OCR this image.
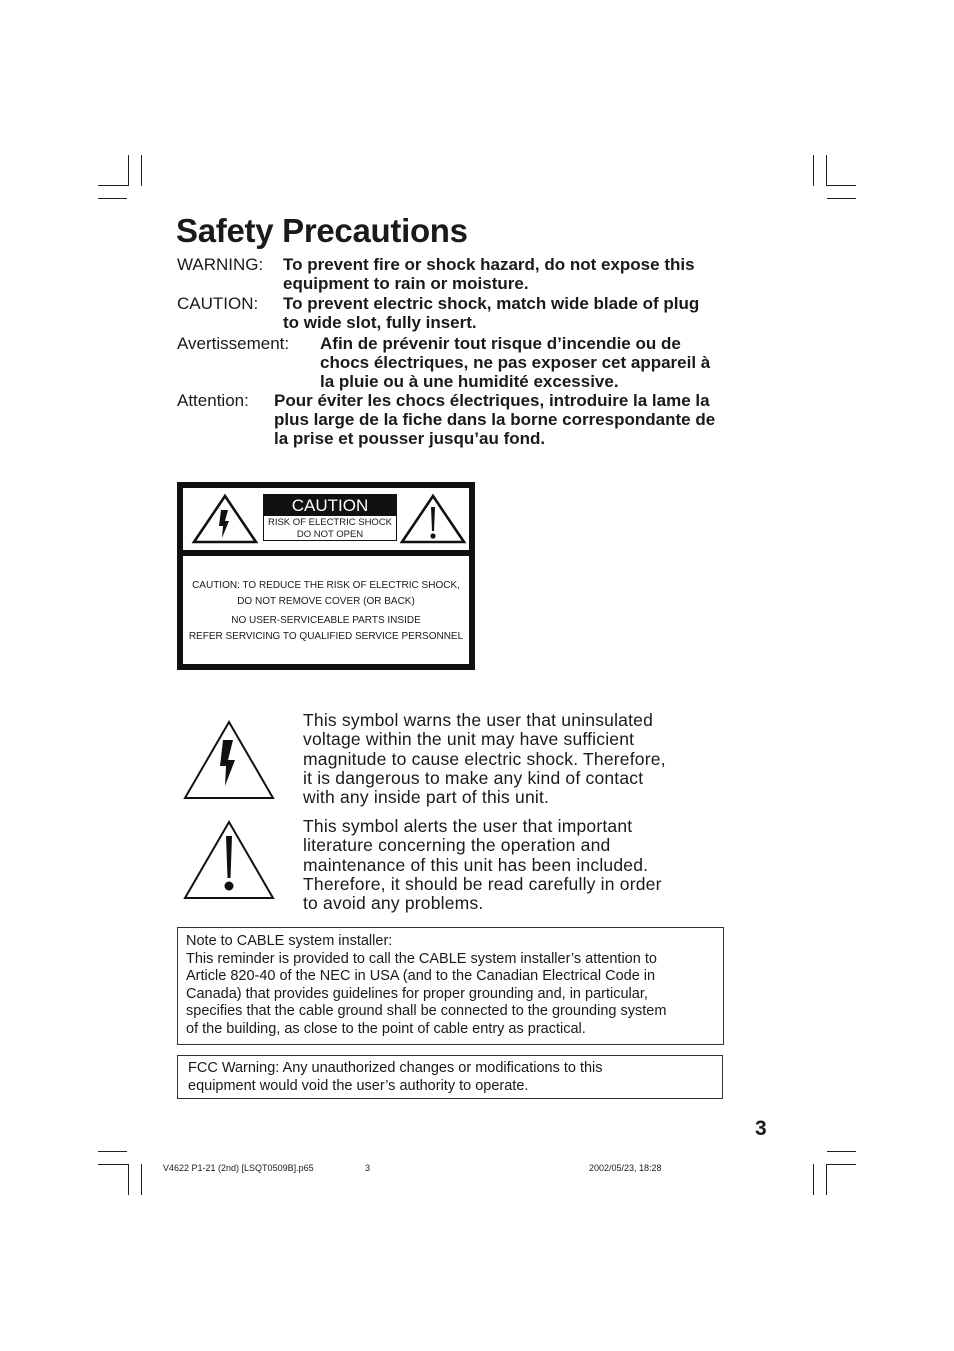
Safety Precautions
WARNING: To prevent fire or shock hazard, do not expose this
equipment to rain or moisture.
CAUTION: To prevent electric shock, match wide blade of plug
to wide slot, fully insert.
Avertissement: Afin de prévenir tout risque d’incendie ou de
chocs électriques, ne pas exposer cet appareil à
la pluie ou à une humidité excessive.
Attention: Pour éviter les chocs électriques, introduire la lame la
plus large de la fiche dans la borne correspondante de
la prise et pousser jusqu’au fond.
CAUTION
RISK OF ELECTRIC SHOCK
DO NOT OPEN
CAUTION: TO REDUCE THE RISK OF ELECTRIC SHOCK,
DO NOT REMOVE COVER (OR BACK)
NO USER-SERVICEABLE PARTS INSIDE
REFER SERVICING TO QUALIFIED SERVICE PERSONNEL
This symbol warns the user that uninsulated
voltage within the unit may have sufficient
magnitude to cause electric shock. Therefore,
it is dangerous to make any kind of contact
with any inside part of this unit.
This symbol alerts the user that important
literature concerning the operation and
maintenance of this unit has been included.
Therefore, it should be read carefully in order
to avoid any problems.
Note to CABLE system installer:
This reminder is provided to call the CABLE system installer’s attention to
Article 820-40 of the NEC in USA (and to the Canadian Electrical Code in
Canada) that provides guidelines for proper grounding and, in particular,
specifies that the cable ground shall be connected to the grounding system
of the building, as close to the point of cable entry as practical.
FCC Warning: Any unauthorized changes or modifications to this
equipment would void the user’s authority to operate.
3
V4622 P1-21 (2nd) [LSQT0509B].p65	3	2002/05/23, 18:28
